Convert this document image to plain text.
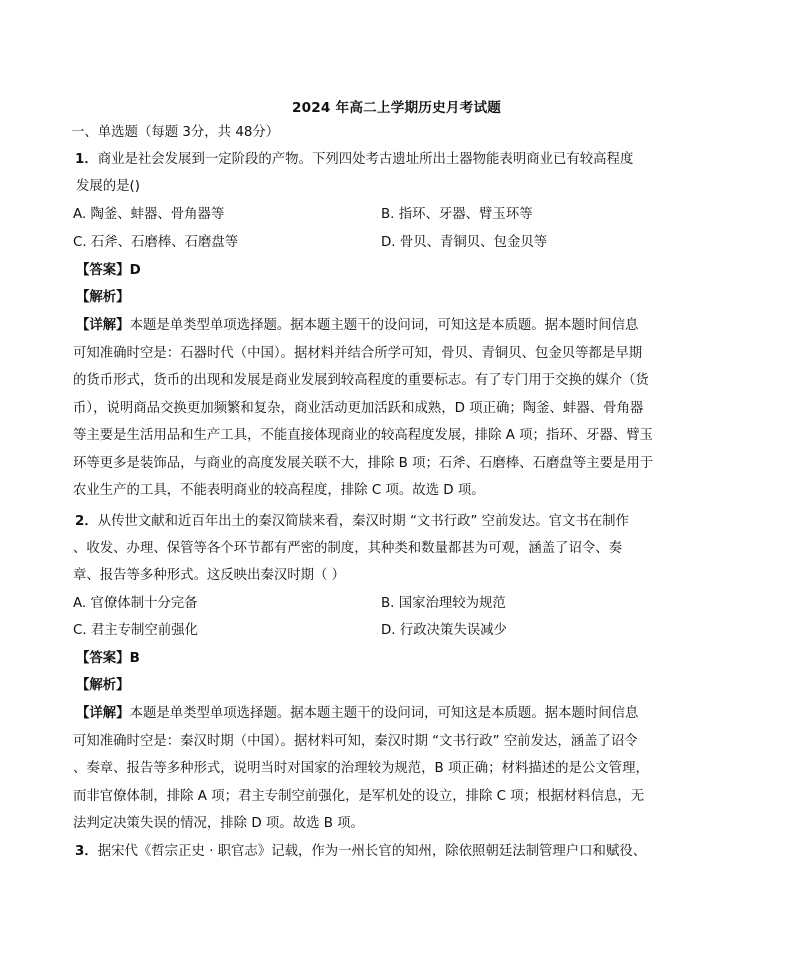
2024 年高二上学期历史月考试题
一、单选题（每题 3分，共 48分）
1．商业是社会发展到一定阶段的产物。下列四处考古遗址所出土器物能表明商业已有较高程度
发展的是()
A. 陶釜、蚌器、骨角器等	B. 指环、牙器、臂玉环等
C. 石斧、石磨棒、石磨盘等	D. 骨贝、青铜贝、包金贝等
【答案】D
【解析】
【详解】本题是单类型单项选择题。据本题主题干的设问词，可知这是本质题。据本题时间信息
可知准确时空是：石器时代（中国）。据材料并结合所学可知，骨贝、青铜贝、包金贝等都是早期
的货币形式，货币的出现和发展是商业发展到较高程度的重要标志。有了专门用于交换的媒介（货
币），说明商品交换更加频繁和复杂，商业活动更加活跃和成熟，D 项正确；陶釜、蚌器、骨角器
等主要是生活用品和生产工具，不能直接体现商业的较高程度发展，排除 A 项；指环、牙器、臂玉
环等更多是装饰品，与商业的高度发展关联不大，排除 B 项；石斧、石磨棒、石磨盘等主要是用于
农业生产的工具，不能表明商业的较高程度，排除 C 项。故选 D 项。
2．从传世文献和近百年出土的秦汉简牍来看，秦汉时期 “文书行政” 空前发达。官文书在制作
、收发、办理、保管等各个环节都有严密的制度，其种类和数量都甚为可观，涵盖了诏令、奏
章、报告等多种形式。这反映出秦汉时期（ ）
A. 官僚体制十分完备	B. 国家治理较为规范
C. 君主专制空前强化	D. 行政决策失误减少
【答案】B
【解析】
【详解】本题是单类型单项选择题。据本题主题干的设问词，可知这是本质题。据本题时间信息
可知准确时空是：秦汉时期（中国）。据材料可知，秦汉时期 “文书行政” 空前发达，涵盖了诏令
、奏章、报告等多种形式，说明当时对国家的治理较为规范，B 项正确；材料描述的是公文管理，
而非官僚体制，排除 A 项；君主专制空前强化，是军机处的设立，排除 C 项；根据材料信息，无
法判定决策失误的情况，排除 D 项。故选 B 项。
3．据宋代《哲宗正史 · 职官志》记载，作为一州长官的知州，除依照朝廷法制管理户口和赋役、
